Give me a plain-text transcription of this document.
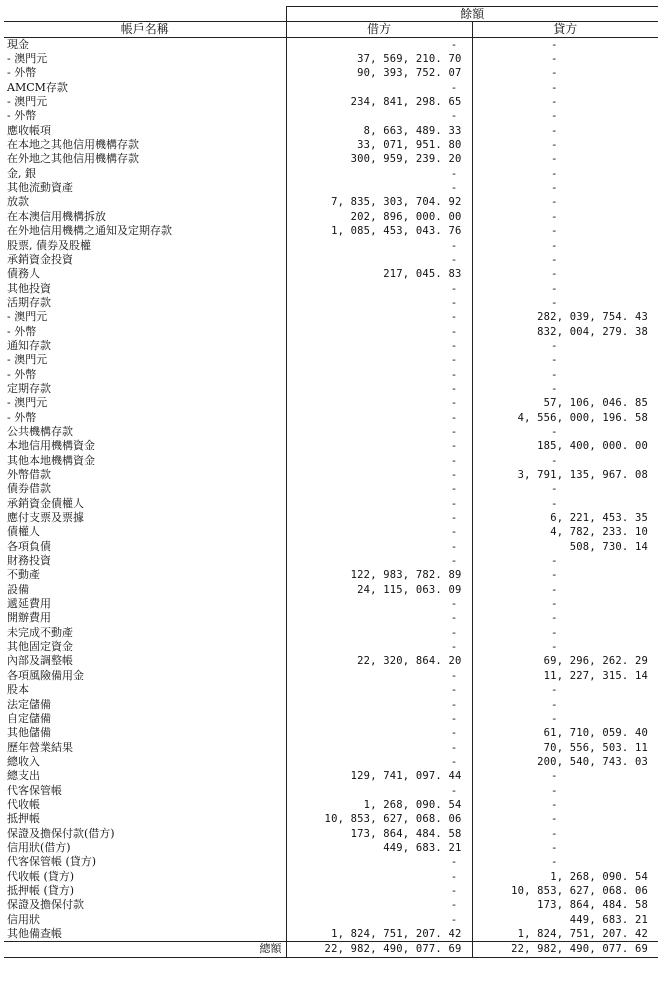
	餘額	
帳戶名稱	借方	貸方
現金	-	-
- 澳門元	37, 569, 210. 70	-
- 外幣	90, 393, 752. 07	-
AMCM存款	-	-
- 澳門元	234, 841, 298. 65	-
- 外幣	-	-
應收帳項	8, 663, 489. 33	-
在本地之其他信用機構存款	33, 071, 951. 80	-
在外地之其他信用機構存款	300, 959, 239. 20	-
金, 銀	-	-
其他流動資產	-	-
放款	7, 835, 303, 704. 92	-
在本澳信用機構拆放	202, 896, 000. 00	-
在外地信用機構之通知及定期存款	1, 085, 453, 043. 76	-
股票, 債券及股權	-	-
承銷資金投資	-	-
債務人	217, 045. 83	-
其他投資	-	-
活期存款	-	-
- 澳門元	-	282, 039, 754. 43
- 外幣	-	832, 004, 279. 38
通知存款	-	-
- 澳門元	-	-
- 外幣	-	-
定期存款	-	-
- 澳門元	-	57, 106, 046. 85
- 外幣	-	4, 556, 000, 196. 58
公共機構存款	-	-
本地信用機構資金	-	185, 400, 000. 00
其他本地機構資金	-	-
外幣借款	-	3, 791, 135, 967. 08
債券借款	-	-
承銷資金債權人	-	-
應付支票及票據	-	6, 221, 453. 35
債權人	-	4, 782, 233. 10
各項負債	-	508, 730. 14
財務投資	-	-
不動產	122, 983, 782. 89	-
設備	24, 115, 063. 09	-
遞延費用	-	-
開辦費用	-	-
未完成不動產	-	-
其他固定資金	-	-
內部及調整帳	22, 320, 864. 20	69, 296, 262. 29
各項風險備用金	-	11, 227, 315. 14
股本	-	-
法定儲備	-	-
自定儲備	-	-
其他儲備	-	61, 710, 059. 40
歷年營業結果	-	70, 556, 503. 11
總收入	-	200, 540, 743. 03
總支出	129, 741, 097. 44	-
代客保管帳	-	-
代收帳	1, 268, 090. 54	-
抵押帳	10, 853, 627, 068. 06	-
保證及擔保付款(借方)	173, 864, 484. 58	-
信用狀(借方)	449, 683. 21	-
代客保管帳 (貸方)	-	-
代收帳 (貸方)	-	1, 268, 090. 54
抵押帳 (貸方)	-	10, 853, 627, 068. 06
保證及擔保付款	-	173, 864, 484. 58
信用狀	-	449, 683. 21
其他備查帳	1, 824, 751, 207. 42	1, 824, 751, 207. 42
總額	22, 982, 490, 077. 69	22, 982, 490, 077. 69
